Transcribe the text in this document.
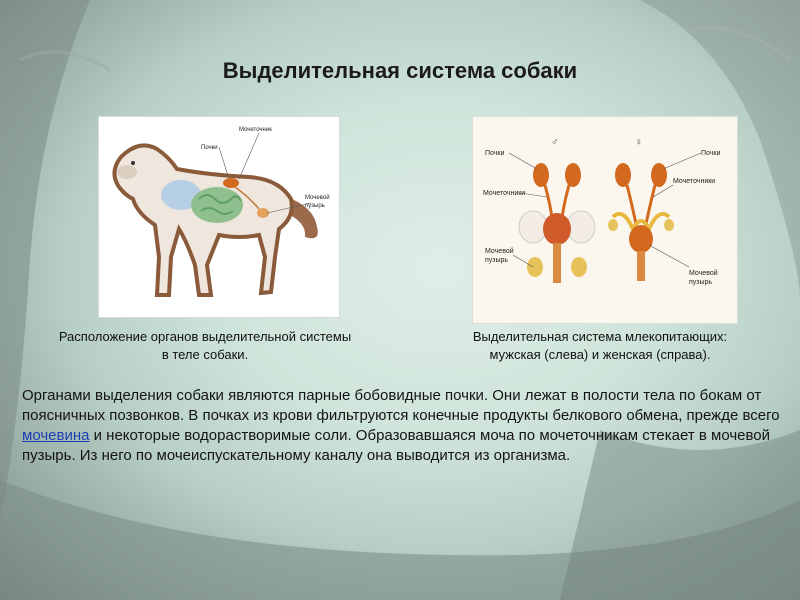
Выделительная система собаки
Почки
Мочеточник
Мочевой
пузырь
♂	♀
Почки
Мочеточники
Мочевой
пузырь
Почки
Мочеточники
Мочевой
пузырь
Расположение органов выделительной системы
в теле собаки.
Выделительная система млекопитающих:
мужская (слева) и женская (справа).
Органами выделения собаки являются парные бобовидные почки. Они лежат в полости тела по бокам от поясничных позвонков. В почках из крови фильтруются конечные продукты белкового обмена, прежде всего мочевина и некоторые водорастворимые соли. Образовавшаяся моча по мочеточникам стекает в мочевой пузырь. Из него по мочеиспускательному каналу она выводится из организма.
